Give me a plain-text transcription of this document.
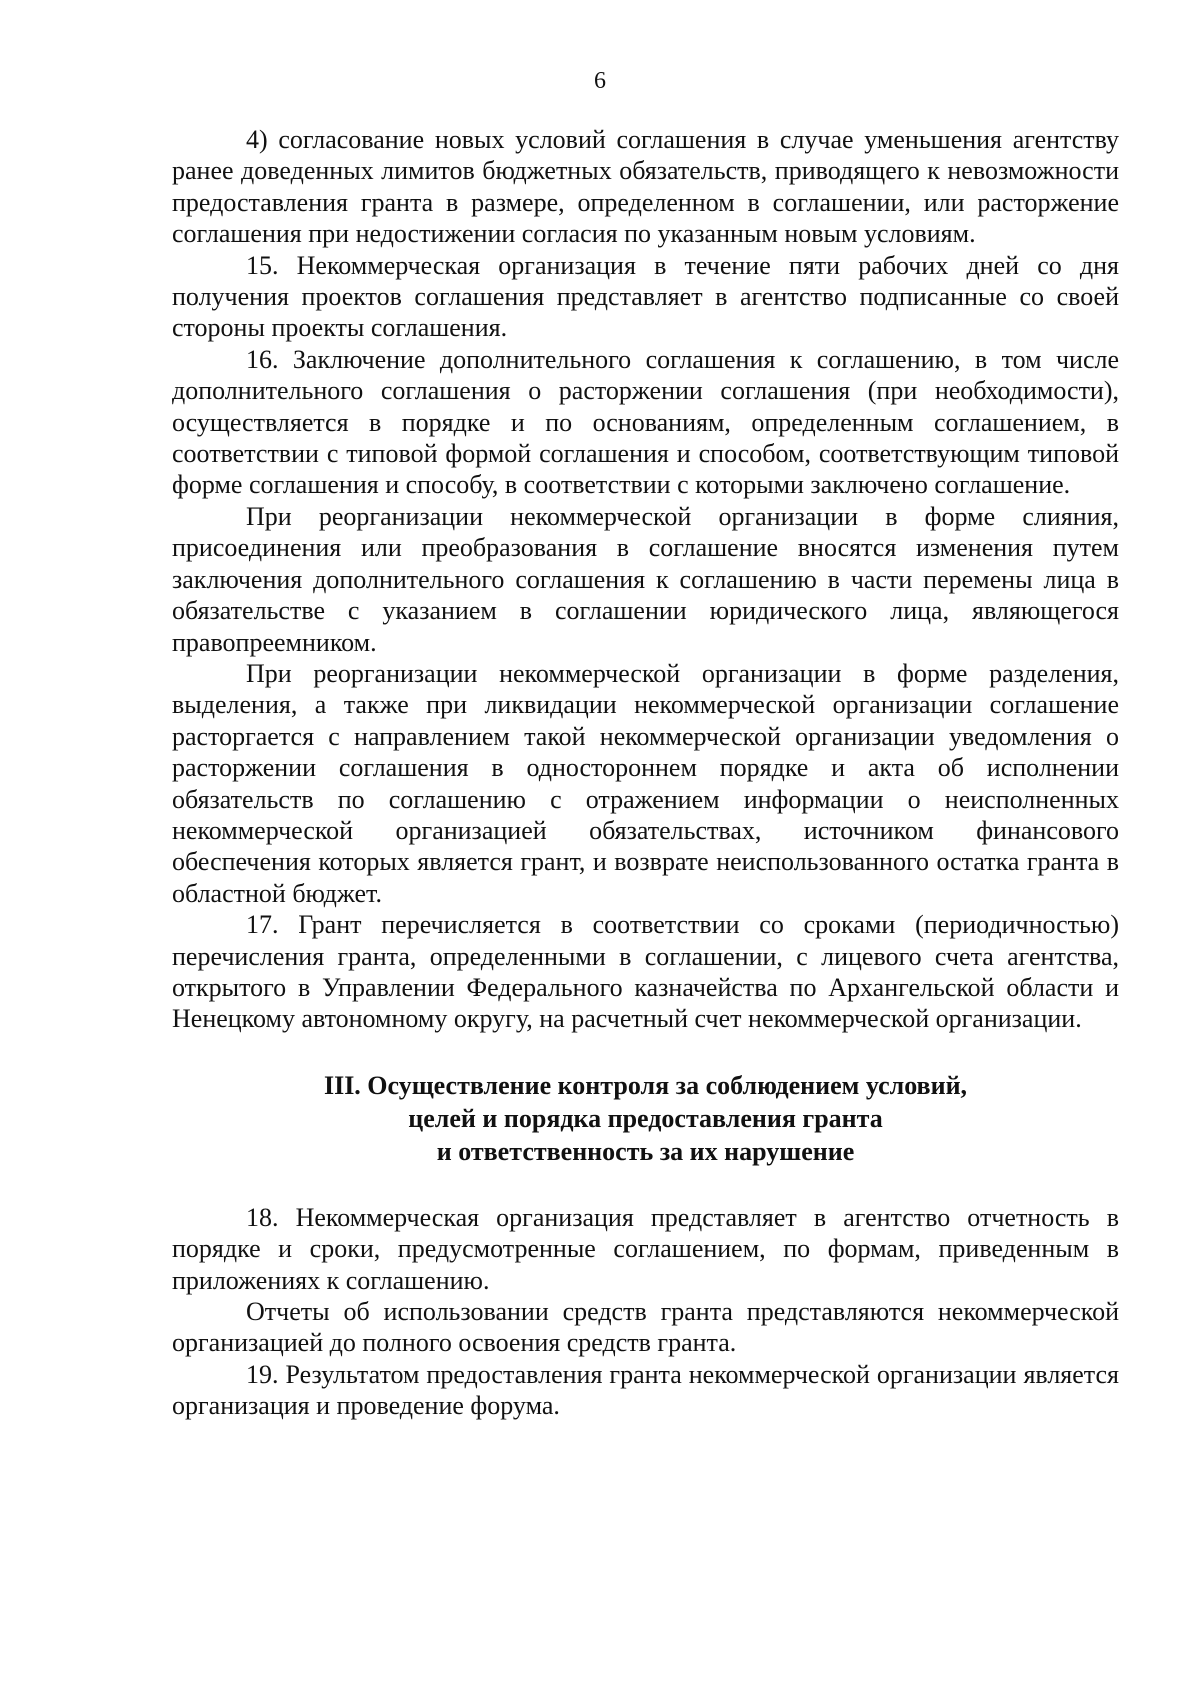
6

4) согласование новых условий соглашения в случае уменьшения агентству ранее доведенных лимитов бюджетных обязательств, приводящего к невозможности предоставления гранта в размере, определенном в соглашении, или расторжение соглашения при недостижении согласия по указанным новым условиям.

15. Некоммерческая организация в течение пяти рабочих дней со дня получения проектов соглашения представляет в агентство подписанные со своей стороны проекты соглашения.

16. Заключение дополнительного соглашения к соглашению, в том числе дополнительного соглашения о расторжении соглашения (при необходимости), осуществляется в порядке и по основаниям, определенным соглашением, в соответствии с типовой формой соглашения и способом, соответствующим типовой форме соглашения и способу, в соответствии с которыми заключено соглашение.

При реорганизации некоммерческой организации в форме слияния, присоединения или преобразования в соглашение вносятся изменения путем заключения дополнительного соглашения к соглашению в части перемены лица в обязательстве с указанием в соглашении юридического лица, являющегося правопреемником.

При реорганизации некоммерческой организации в форме разделения, выделения, а также при ликвидации некоммерческой организации соглашение расторгается с направлением такой некоммерческой организации уведомления о расторжении соглашения в одностороннем порядке и акта об исполнении обязательств по соглашению с отражением информации о неисполненных некоммерческой организацией обязательствах, источником финансового обеспечения которых является грант, и возврате неиспользованного остатка гранта в областной бюджет.

17. Грант перечисляется в соответствии со сроками (периодичностью) перечисления гранта, определенными в соглашении, с лицевого счета агентства, открытого в Управлении Федерального казначейства по Архангельской области и Ненецкому автономному округу, на расчетный счет некоммерческой организации.

III. Осуществление контроля за соблюдением условий,
целей и порядка предоставления гранта
и ответственность за их нарушение

18. Некоммерческая организация представляет в агентство отчетность в порядке и сроки, предусмотренные соглашением, по формам, приведенным в приложениях к соглашению.

Отчеты об использовании средств гранта представляются некоммерческой организацией до полного освоения средств гранта.

19. Результатом предоставления гранта некоммерческой организации является организация и проведение форума.
